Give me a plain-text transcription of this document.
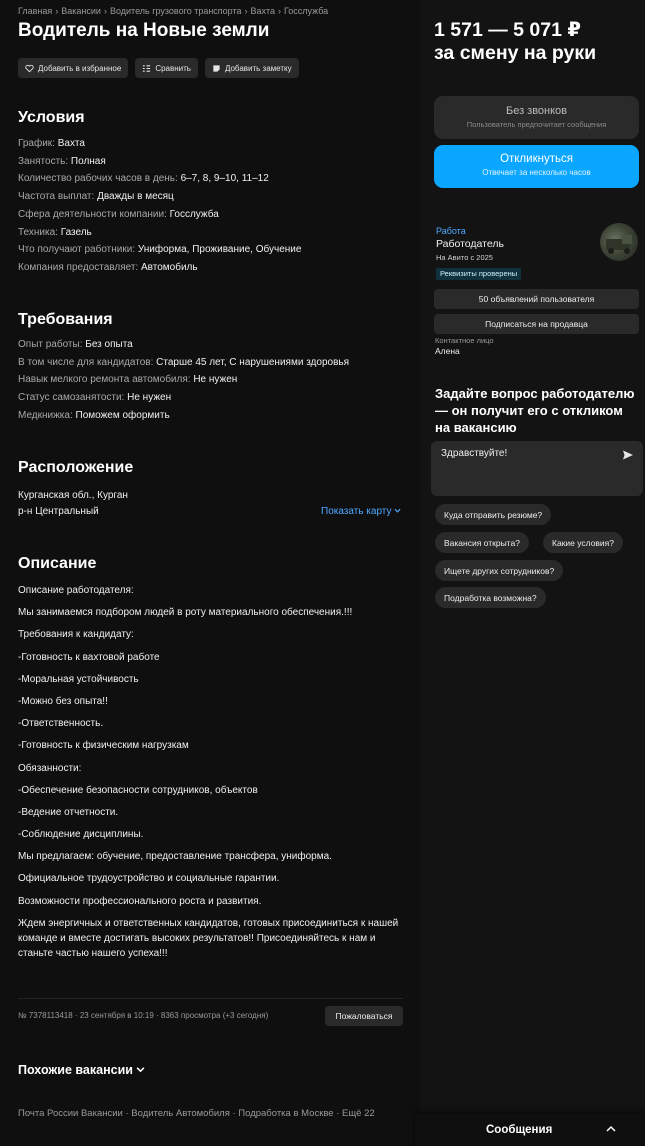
Главная › Вакансии › Водитель грузового транспорта › Вахта › Госслужба
Водитель на Новые земли
Добавить в избранное	Сравнить	Добавить заметку
Условия
График: Вахта
Занятость: Полная
Количество рабочих часов в день: 6–7, 8, 9–10, 11–12
Частота выплат: Дважды в месяц
Сфера деятельности компании: Госслужба
Техника: Газель
Что получают работники: Униформа, Проживание, Обучение
Компания предоставляет: Автомобиль
Требования
Опыт работы: Без опыта
В том числе для кандидатов: Старше 45 лет, С нарушениями здоровья
Навык мелкого ремонта автомобиля: Не нужен
Статус самозанятости: Не нужен
Медкнижка: Поможем оформить
Расположение
Курганская обл., Курган
р-н Центральный	Показать карту
Описание

Описание работодателя:

Мы занимаемся подбором людей в роту материального обеспечения.!!!

Требования к кандидату:

-Готовность к вахтовой работе

-Моральная устойчивость

-Можно без опыта!!

-Ответственность.

-Готовность к физическим нагрузкам

Обязанности:

-Обеспечение безопасности сотрудников, объектов

-Ведение отчетности.

-Соблюдение дисциплины.

Мы предлагаем: обучение, предоставление трансфера, униформа.

Официальное трудоустройство и социальные гарантии.

Возможности профессионального роста и развития.

Ждем энергичных и ответственных кандидатов, готовых присоединиться к нашей команде и вместе достигать высоких результатов!! Присоединяйтесь к нам и станьте частью нашего успеха!!!

№ 7378113418 · 23 сентября в 10:19 · 8363 просмотра (+3 сегодня)	Пожаловаться
Похожие вакансии
Почта России Вакансии · Водитель Автомобиля · Подработка в Москве · Ещё 22
1 571 — 5 071 ₽
за смену на руки
Без звонков
Пользователь предпочитает сообщения
Откликнуться
Отвечает за несколько часов
Работа
Работодатель
На Авито с 2025
Реквизиты проверены
50 объявлений пользователя
Подписаться на продавца
Контактное лицо
Алена
Задайте вопрос работодателю — он получит его с откликом на вакансию
Здравствуйте!
Куда отправить резюме?
Вакансия открыта?	Какие условия?
Ищете других сотрудников?
Подработка возможна?
Сообщения
